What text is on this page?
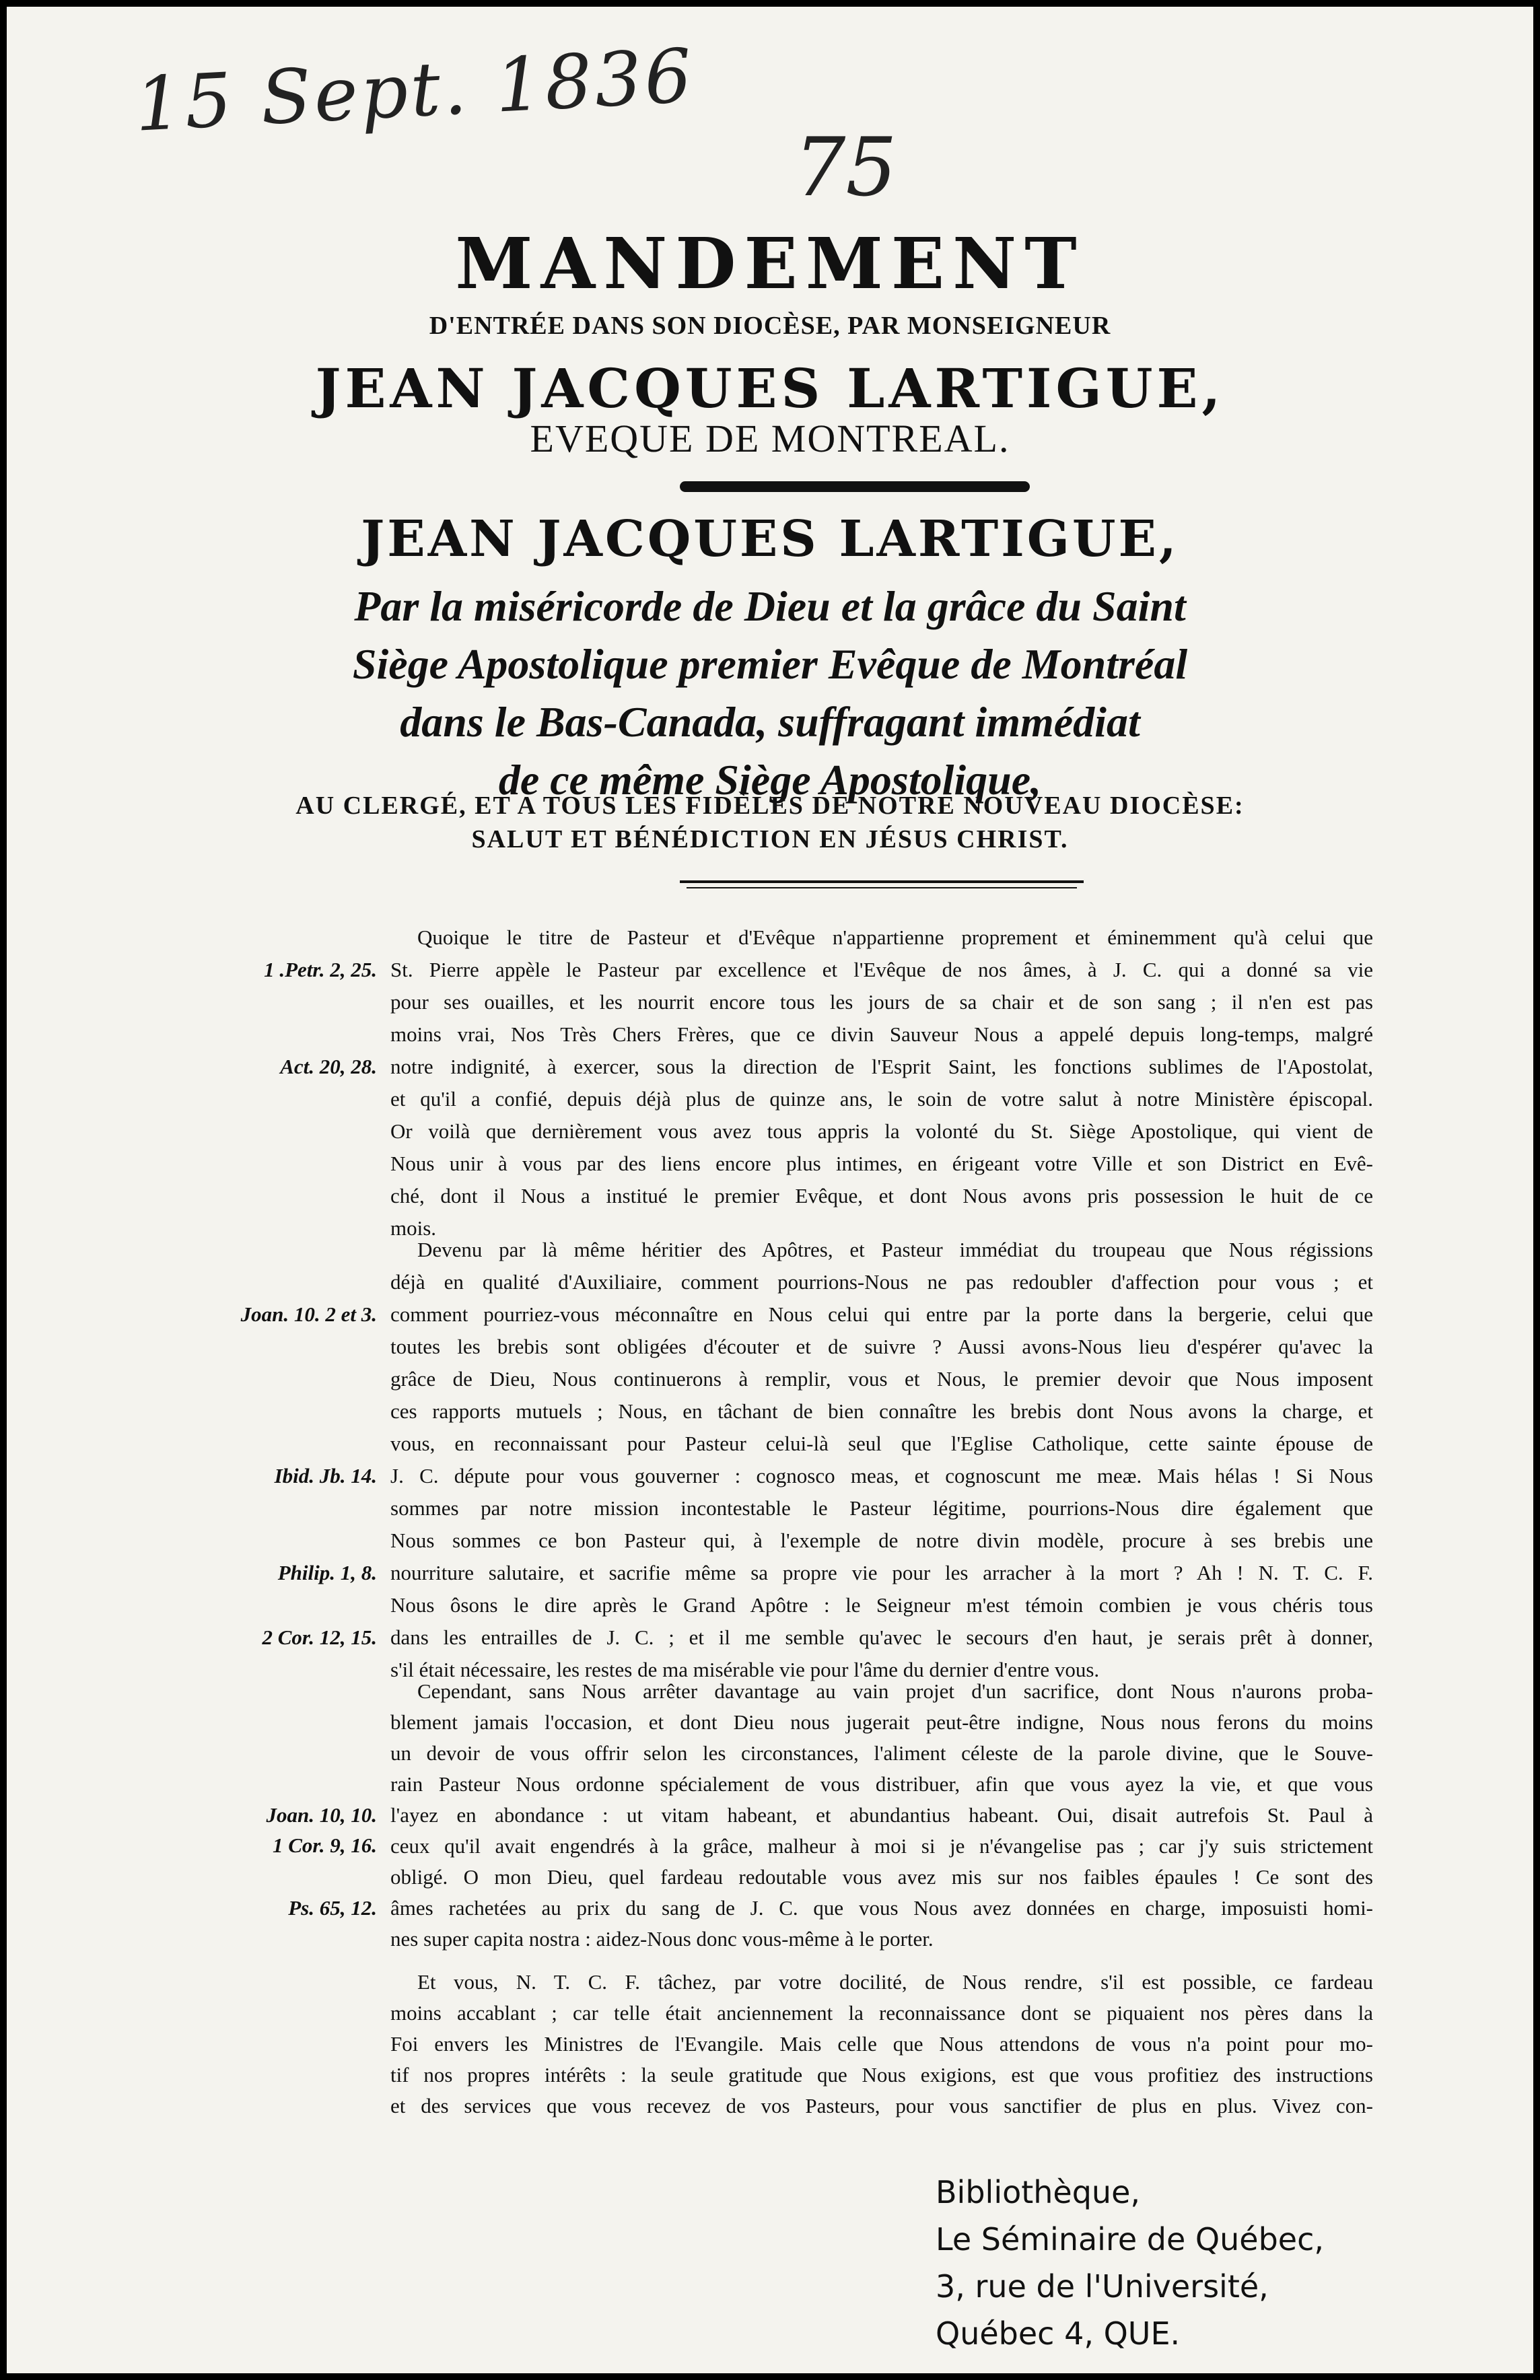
15 Sept. 1836
75
MANDEMENT
D'ENTRÉE DANS SON DIOCÈSE, PAR MONSEIGNEUR
JEAN JACQUES LARTIGUE,
EVEQUE DE MONTREAL.
JEAN JACQUES LARTIGUE,
Par la miséricorde de Dieu et la grâce du Saint
Siège Apostolique premier Evêque de Montréal
dans le Bas-Canada, suffragant immédiat
de ce même Siège Apostolique,
AU CLERGÉ, ET A TOUS LES FIDÈLES DE NOTRE NOUVEAU DIOCÈSE:
SALUT ET BÉNÉDICTION EN JÉSUS CHRIST.
1 .Petr. 2, 25.
Act. 20, 28.
Joan. 10. 2 et 3.
Ibid. Jb. 14.
Philip. 1, 8.
2 Cor. 12, 15.
Joan. 10, 10.
1 Cor. 9, 16.
Ps. 65, 12.
Quoique le titre de Pasteur et d'Evêque n'appartienne proprement et éminemment qu'à celui que
St. Pierre appèle le Pasteur par excellence et l'Evêque de nos âmes, à J. C. qui a donné sa vie
pour ses ouailles, et les nourrit encore tous les jours de sa chair et de son sang ; il n'en est pas
moins vrai, Nos Très Chers Frères, que ce divin Sauveur Nous a appelé depuis long-temps, malgré
notre indignité, à exercer, sous la direction de l'Esprit Saint, les fonctions sublimes de l'Apostolat,
et qu'il a confié, depuis déjà plus de quinze ans, le soin de votre salut à notre Ministère épiscopal.
Or voilà que dernièrement vous avez tous appris la volonté du St. Siège Apostolique, qui vient de
Nous unir à vous par des liens encore plus intimes, en érigeant votre Ville et son District en Evê-
ché, dont il Nous a institué le premier Evêque, et dont Nous avons pris possession le huit de ce
mois.
Devenu par là même héritier des Apôtres, et Pasteur immédiat du troupeau que Nous régissions
déjà en qualité d'Auxiliaire, comment pourrions-Nous ne pas redoubler d'affection pour vous ; et
comment pourriez-vous méconnaître en Nous celui qui entre par la porte dans la bergerie, celui que
toutes les brebis sont obligées d'écouter et de suivre ? Aussi avons-Nous lieu d'espérer qu'avec la
grâce de Dieu, Nous continuerons à remplir, vous et Nous, le premier devoir que Nous imposent
ces rapports mutuels ; Nous, en tâchant de bien connaître les brebis dont Nous avons la charge, et
vous, en reconnaissant pour Pasteur celui-là seul que l'Eglise Catholique, cette sainte épouse de
J. C. députe pour vous gouverner : cognosco meas, et cognoscunt me meæ. Mais hélas ! Si Nous
sommes par notre mission incontestable le Pasteur légitime, pourrions-Nous dire également que
Nous sommes ce bon Pasteur qui, à l'exemple de notre divin modèle, procure à ses brebis une
nourriture salutaire, et sacrifie même sa propre vie pour les arracher à la mort ? Ah ! N. T. C. F.
Nous ôsons le dire après le Grand Apôtre : le Seigneur m'est témoin combien je vous chéris tous
dans les entrailles de J. C. ; et il me semble qu'avec le secours d'en haut, je serais prêt à donner,
s'il était nécessaire, les restes de ma misérable vie pour l'âme du dernier d'entre vous.
Cependant, sans Nous arrêter davantage au vain projet d'un sacrifice, dont Nous n'aurons proba-
blement jamais l'occasion, et dont Dieu nous jugerait peut-être indigne, Nous nous ferons du moins
un devoir de vous offrir selon les circonstances, l'aliment céleste de la parole divine, que le Souve-
rain Pasteur Nous ordonne spécialement de vous distribuer, afin que vous ayez la vie, et que vous
l'ayez en abondance : ut vitam habeant, et abundantius habeant. Oui, disait autrefois St. Paul à
ceux qu'il avait engendrés à la grâce, malheur à moi si je n'évangelise pas ; car j'y suis strictement
obligé. O mon Dieu, quel fardeau redoutable vous avez mis sur nos faibles épaules ! Ce sont des
âmes rachetées au prix du sang de J. C. que vous Nous avez données en charge, imposuisti homi-
nes super capita nostra : aidez-Nous donc vous-même à le porter.
Et vous, N. T. C. F. tâchez, par votre docilité, de Nous rendre, s'il est possible, ce fardeau
moins accablant ; car telle était anciennement la reconnaissance dont se piquaient nos pères dans la
Foi envers les Ministres de l'Evangile. Mais celle que Nous attendons de vous n'a point pour mo-
tif nos propres intérêts : la seule gratitude que Nous exigions, est que vous profitiez des instructions
et des services que vous recevez de vos Pasteurs, pour vous sanctifier de plus en plus. Vivez con-
Bibliothèque,
Le Séminaire de Québec,
3, rue de l'Université,
Québec 4, QUE.
